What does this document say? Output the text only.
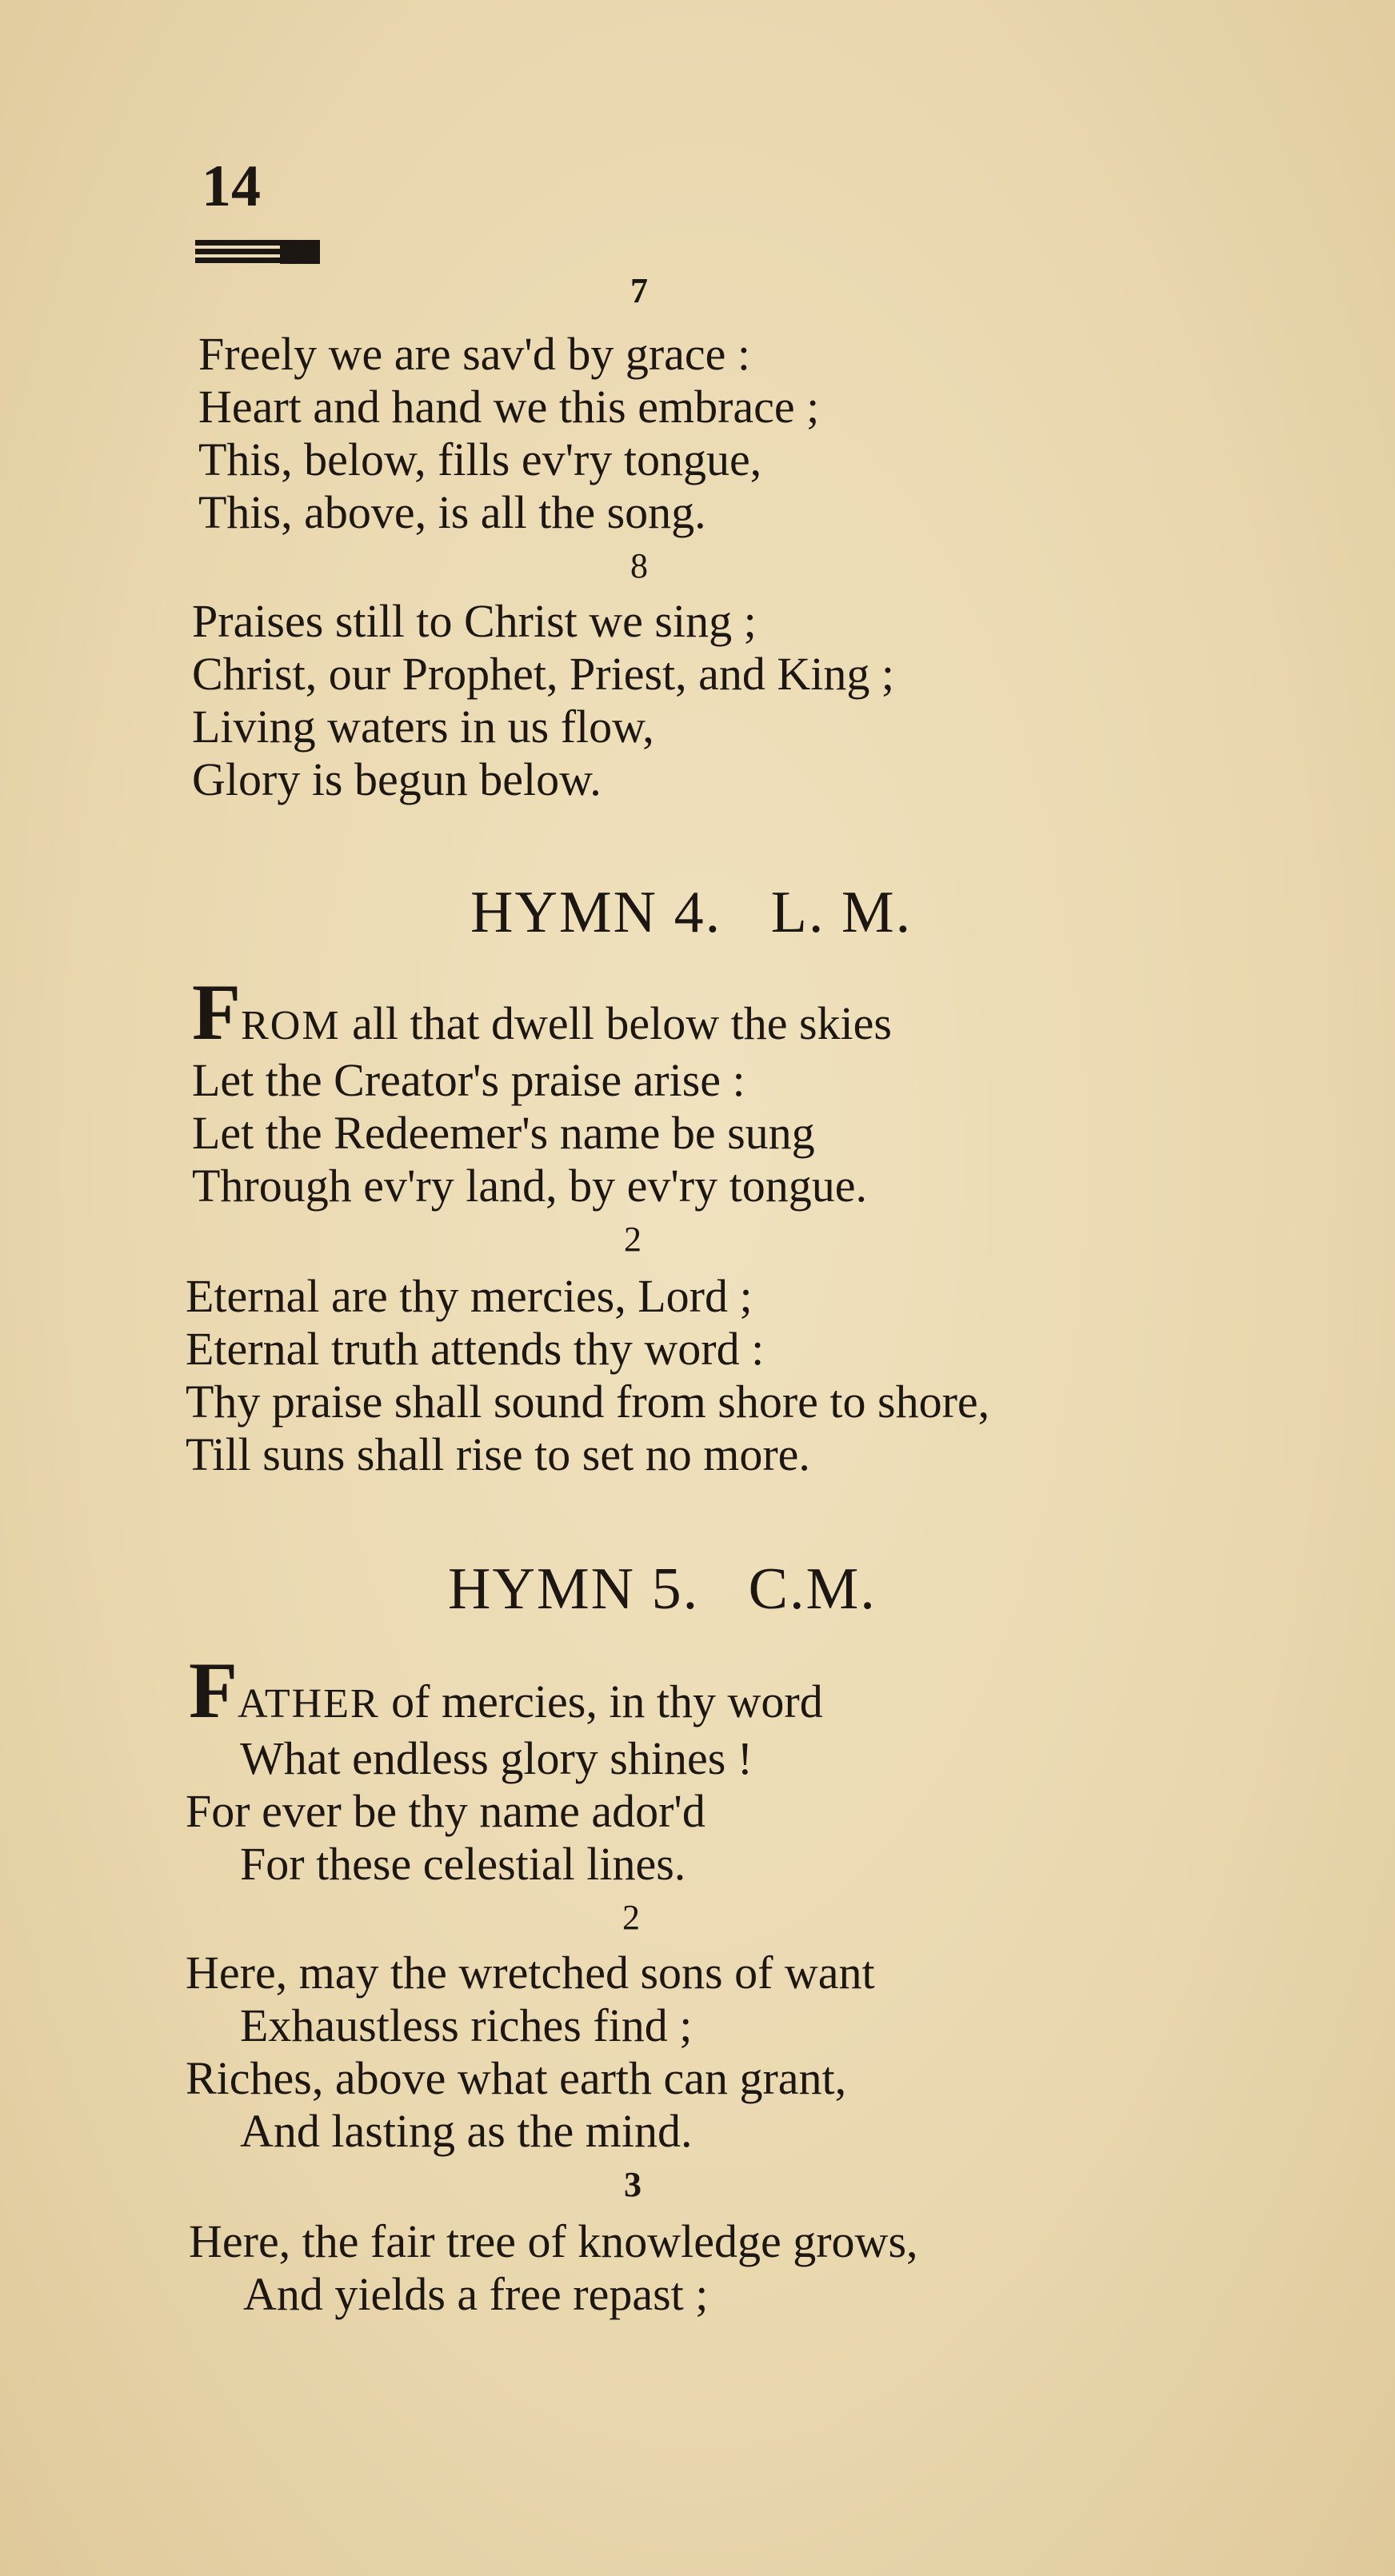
14
7
Freely we are sav'd by grace :
Heart and hand we this embrace ;
This, below, fills ev'ry tongue,
This, above, is all the song.
8
Praises still to Christ we sing ;
Christ, our Prophet, Priest, and King ;
Living waters in us flow,
Glory is begun below.
HYMN 4. L. M.
FROM all that dwell below the skies
Let the Creator's praise arise :
Let the Redeemer's name be sung
Through ev'ry land, by ev'ry tongue.
2
Eternal are thy mercies, Lord ;
Eternal truth attends thy word :
Thy praise shall sound from shore to shore,
Till suns shall rise to set no more.
HYMN 5. C.M.
FATHER of mercies, in thy word
What endless glory shines !
For ever be thy name ador'd
For these celestial lines.
2
Here, may the wretched sons of want
Exhaustless riches find ;
Riches, above what earth can grant,
And lasting as the mind.
3
Here, the fair tree of knowledge grows,
And yields a free repast ;
